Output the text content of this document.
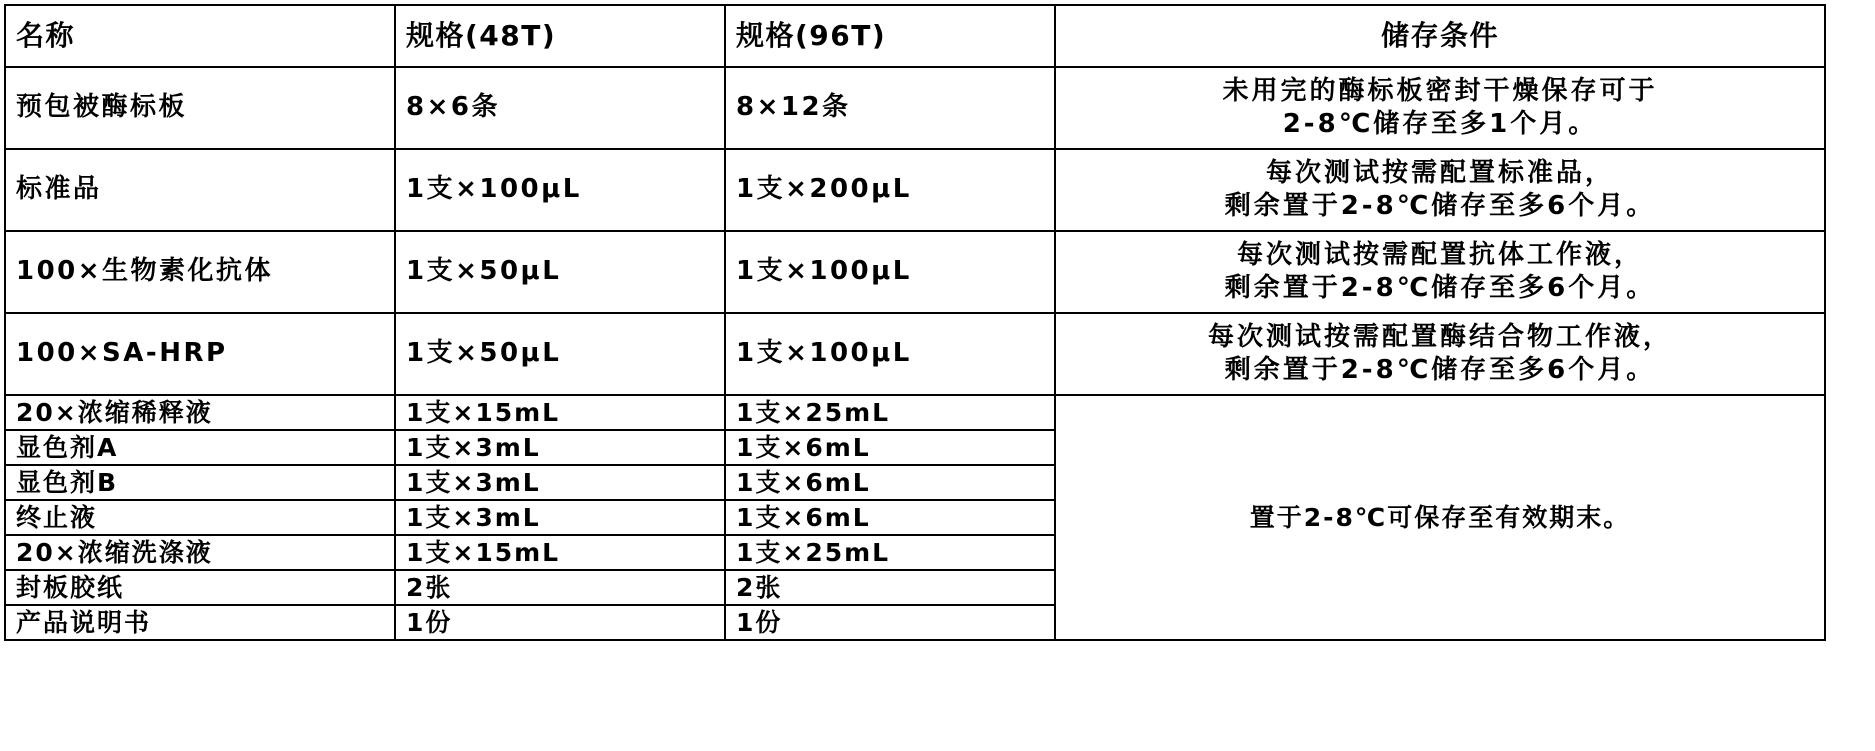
名称	规格(48T)	规格(96T)	储存条件
预包被酶标板	8×6条	8×12条	未用完的酶标板密封干燥保存可于
2-8℃储存至多1个月。

标准品	1支×100μL	1支×200μL	每次测试按需配置标准品，
剩余置于2-8℃储存至多6个月。

100×生物素化抗体	1支×50μL	1支×100μL	每次测试按需配置抗体工作液，
剩余置于2-8℃储存至多6个月。

100×SA-HRP	1支×50μL	1支×100μL	每次测试按需配置酶结合物工作液，
剩余置于2-8℃储存至多6个月。

20×浓缩稀释液	1支×15mL	1支×25mL	置于2-8℃可保存至有效期末。
显色剂A	1支×3mL	1支×6mL	
显色剂B	1支×3mL	1支×6mL	
终止液	1支×3mL	1支×6mL	
20×浓缩洗涤液	1支×15mL	1支×25mL	
封板胶纸	2张	2张	
产品说明书	1份	1份	
